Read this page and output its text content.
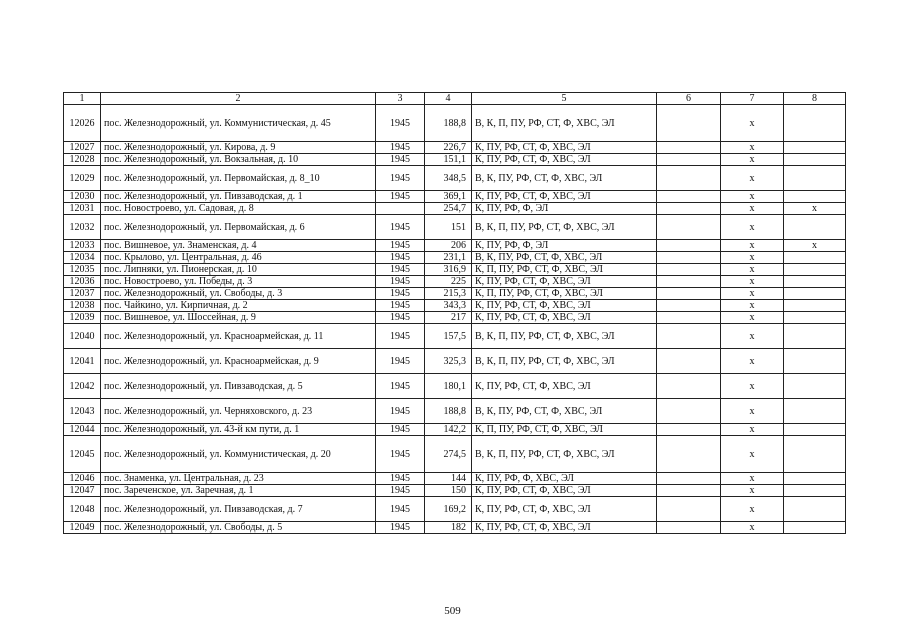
1	2	3	4	5	6	7	8
12026	пос. Железнодорожный, ул. Коммунистическая, д. 45	1945	188,8	В, К, П, ПУ, РФ, СТ, Ф, ХВС, ЭЛ		х	
12027	пос. Железнодорожный, ул. Кирова, д. 9	1945	226,7	К, ПУ, РФ, СТ, Ф, ХВС, ЭЛ		х	
12028	пос. Железнодорожный, ул. Вокзальная, д. 10	1945	151,1	К, ПУ, РФ, СТ, Ф, ХВС, ЭЛ		х	
12029	пос. Железнодорожный, ул. Первомайская, д. 8_10	1945	348,5	В, К, ПУ, РФ, СТ, Ф, ХВС, ЭЛ		х	
12030	пос. Железнодорожный, ул. Пивзаводская, д. 1	1945	369,1	К, ПУ, РФ, СТ, Ф, ХВС, ЭЛ		х	
12031	пос. Новостроево, ул. Садовая, д. 8		254,7	К, ПУ, РФ, Ф, ЭЛ		х	х
12032	пос. Железнодорожный, ул. Первомайская, д. 6	1945	151	В, К, П, ПУ, РФ, СТ, Ф, ХВС, ЭЛ		х	
12033	пос. Вишневое, ул. Знаменская, д. 4	1945	206	К, ПУ, РФ, Ф, ЭЛ		х	х
12034	пос. Крылово, ул. Центральная, д. 46	1945	231,1	В, К, ПУ, РФ, СТ, Ф, ХВС, ЭЛ		х	
12035	пос. Липняки, ул. Пионерская, д. 10	1945	316,9	К, П, ПУ, РФ, СТ, Ф, ХВС, ЭЛ		х	
12036	пос. Новостроево, ул. Победы, д. 3	1945	225	К, ПУ, РФ, СТ, Ф, ХВС, ЭЛ		х	
12037	пос. Железнодорожный, ул. Свободы, д. 3	1945	215,3	К, П, ПУ, РФ, СТ, Ф, ХВС, ЭЛ		х	
12038	пос. Чайкино, ул. Кирпичная, д. 2	1945	343,3	К, ПУ, РФ, СТ, Ф, ХВС, ЭЛ		х	
12039	пос. Вишневое, ул. Шоссейная, д. 9	1945	217	К, ПУ, РФ, СТ, Ф, ХВС, ЭЛ		х	
12040	пос. Железнодорожный, ул. Красноармейская, д. 11	1945	157,5	В, К, П, ПУ, РФ, СТ, Ф, ХВС, ЭЛ		х	
12041	пос. Железнодорожный, ул. Красноармейская, д. 9	1945	325,3	В, К, П, ПУ, РФ, СТ, Ф, ХВС, ЭЛ		х	
12042	пос. Железнодорожный, ул. Пивзаводская, д. 5	1945	180,1	К, ПУ, РФ, СТ, Ф, ХВС, ЭЛ		х	
12043	пос. Железнодорожный, ул. Черняховского, д. 23	1945	188,8	В, К, ПУ, РФ, СТ, Ф, ХВС, ЭЛ		х	
12044	пос. Железнодорожный, ул. 43-й км пути, д. 1	1945	142,2	К, П, ПУ, РФ, СТ, Ф, ХВС, ЭЛ		х	
12045	пос. Железнодорожный, ул. Коммунистическая, д. 20	1945	274,5	В, К, П, ПУ, РФ, СТ, Ф, ХВС, ЭЛ		х	
12046	пос. Знаменка, ул. Центральная, д. 23	1945	144	К, ПУ, РФ, Ф, ХВС, ЭЛ		х	
12047	пос. Зареченское, ул. Заречная, д. 1	1945	150	К, ПУ, РФ, СТ, Ф, ХВС, ЭЛ		х	
12048	пос. Железнодорожный, ул. Пивзаводская, д. 7	1945	169,2	К, ПУ, РФ, СТ, Ф, ХВС, ЭЛ		х	
12049	пос. Железнодорожный, ул. Свободы, д. 5	1945	182	К, ПУ, РФ, СТ, Ф, ХВС, ЭЛ		х	
509
